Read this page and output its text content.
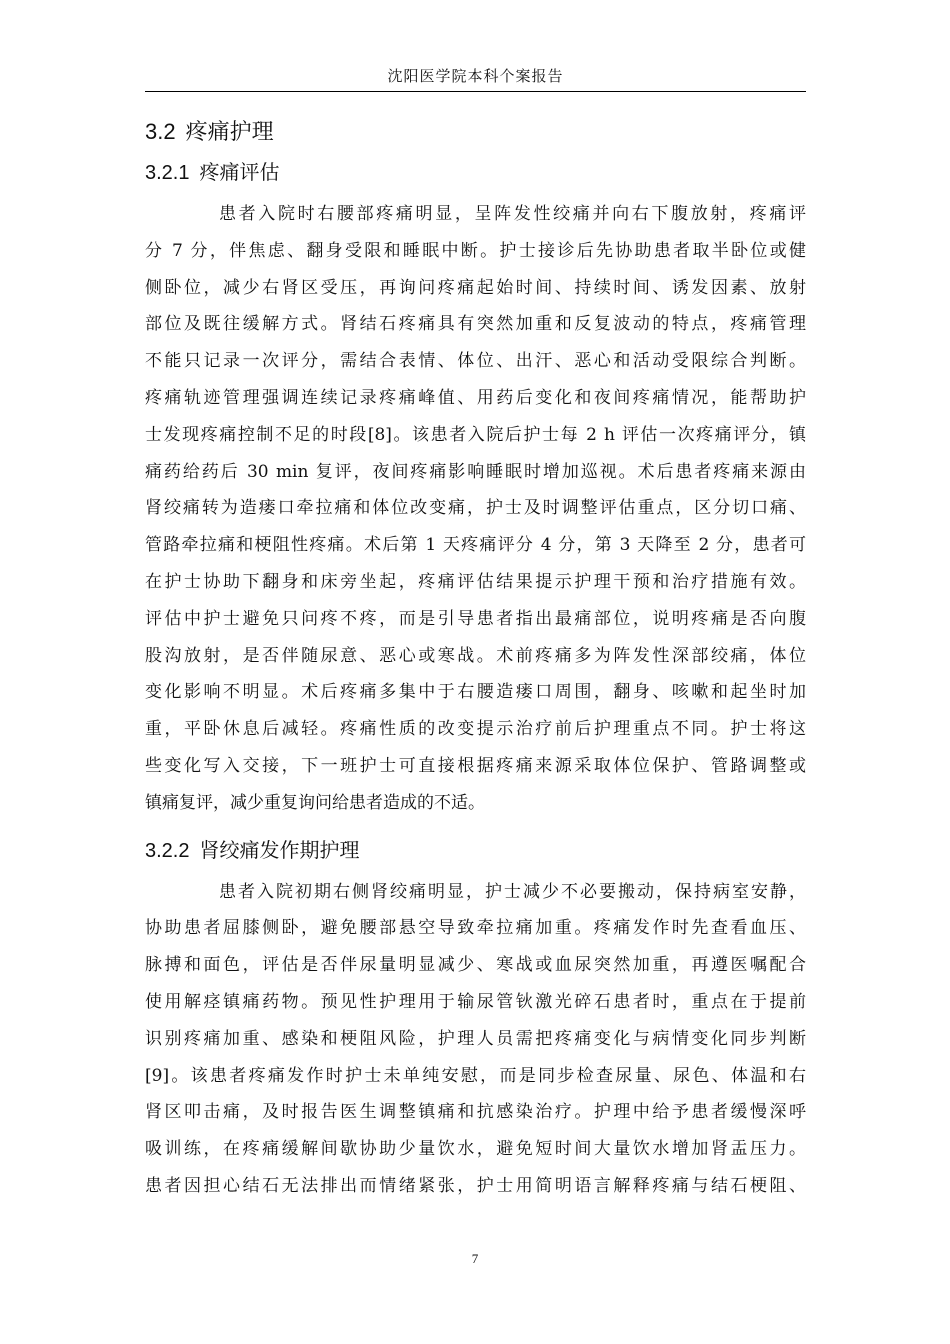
沈阳医学院本科个案报告
3.2 疼痛护理
3.2.1 疼痛评估

患者入院时右腰部疼痛明显，呈阵发性绞痛并向右下腹放射，疼痛评

分 7 分，伴焦虑、翻身受限和睡眠中断。护士接诊后先协助患者取半卧位或健

侧卧位，减少右肾区受压，再询问疼痛起始时间、持续时间、诱发因素、放射

部位及既往缓解方式。肾结石疼痛具有突然加重和反复波动的特点，疼痛管理

不能只记录一次评分，需结合表情、体位、出汗、恶心和活动受限综合判断。

疼痛轨迹管理强调连续记录疼痛峰值、用药后变化和夜间疼痛情况，能帮助护

士发现疼痛控制不足的时段[8]。该患者入院后护士每 2 h 评估一次疼痛评分，镇

痛药给药后 30 min 复评，夜间疼痛影响睡眠时增加巡视。术后患者疼痛来源由

肾绞痛转为造瘘口牵拉痛和体位改变痛，护士及时调整评估重点，区分切口痛、

管路牵拉痛和梗阻性疼痛。术后第 1 天疼痛评分 4 分，第 3 天降至 2 分，患者可

在护士协助下翻身和床旁坐起，疼痛评估结果提示护理干预和治疗措施有效。

评估中护士避免只问疼不疼，而是引导患者指出最痛部位，说明疼痛是否向腹

股沟放射，是否伴随尿意、恶心或寒战。术前疼痛多为阵发性深部绞痛，体位

变化影响不明显。术后疼痛多集中于右腰造瘘口周围，翻身、咳嗽和起坐时加

重，平卧休息后减轻。疼痛性质的改变提示治疗前后护理重点不同。护士将这

些变化写入交接，下一班护士可直接根据疼痛来源采取体位保护、管路调整或

镇痛复评，减少重复询问给患者造成的不适。

3.2.2 肾绞痛发作期护理

患者入院初期右侧肾绞痛明显，护士减少不必要搬动，保持病室安静，

协助患者屈膝侧卧，避免腰部悬空导致牵拉痛加重。疼痛发作时先查看血压、

脉搏和面色，评估是否伴尿量明显减少、寒战或血尿突然加重，再遵医嘱配合

使用解痉镇痛药物。预见性护理用于输尿管钬激光碎石患者时，重点在于提前

识别疼痛加重、感染和梗阻风险，护理人员需把疼痛变化与病情变化同步判断

[9]。该患者疼痛发作时护士未单纯安慰，而是同步检查尿量、尿色、体温和右

肾区叩击痛，及时报告医生调整镇痛和抗感染治疗。护理中给予患者缓慢深呼

吸训练，在疼痛缓解间歇协助少量饮水，避免短时间大量饮水增加肾盂压力。

患者因担心结石无法排出而情绪紧张，护士用简明语言解释疼痛与结石梗阻、

7
